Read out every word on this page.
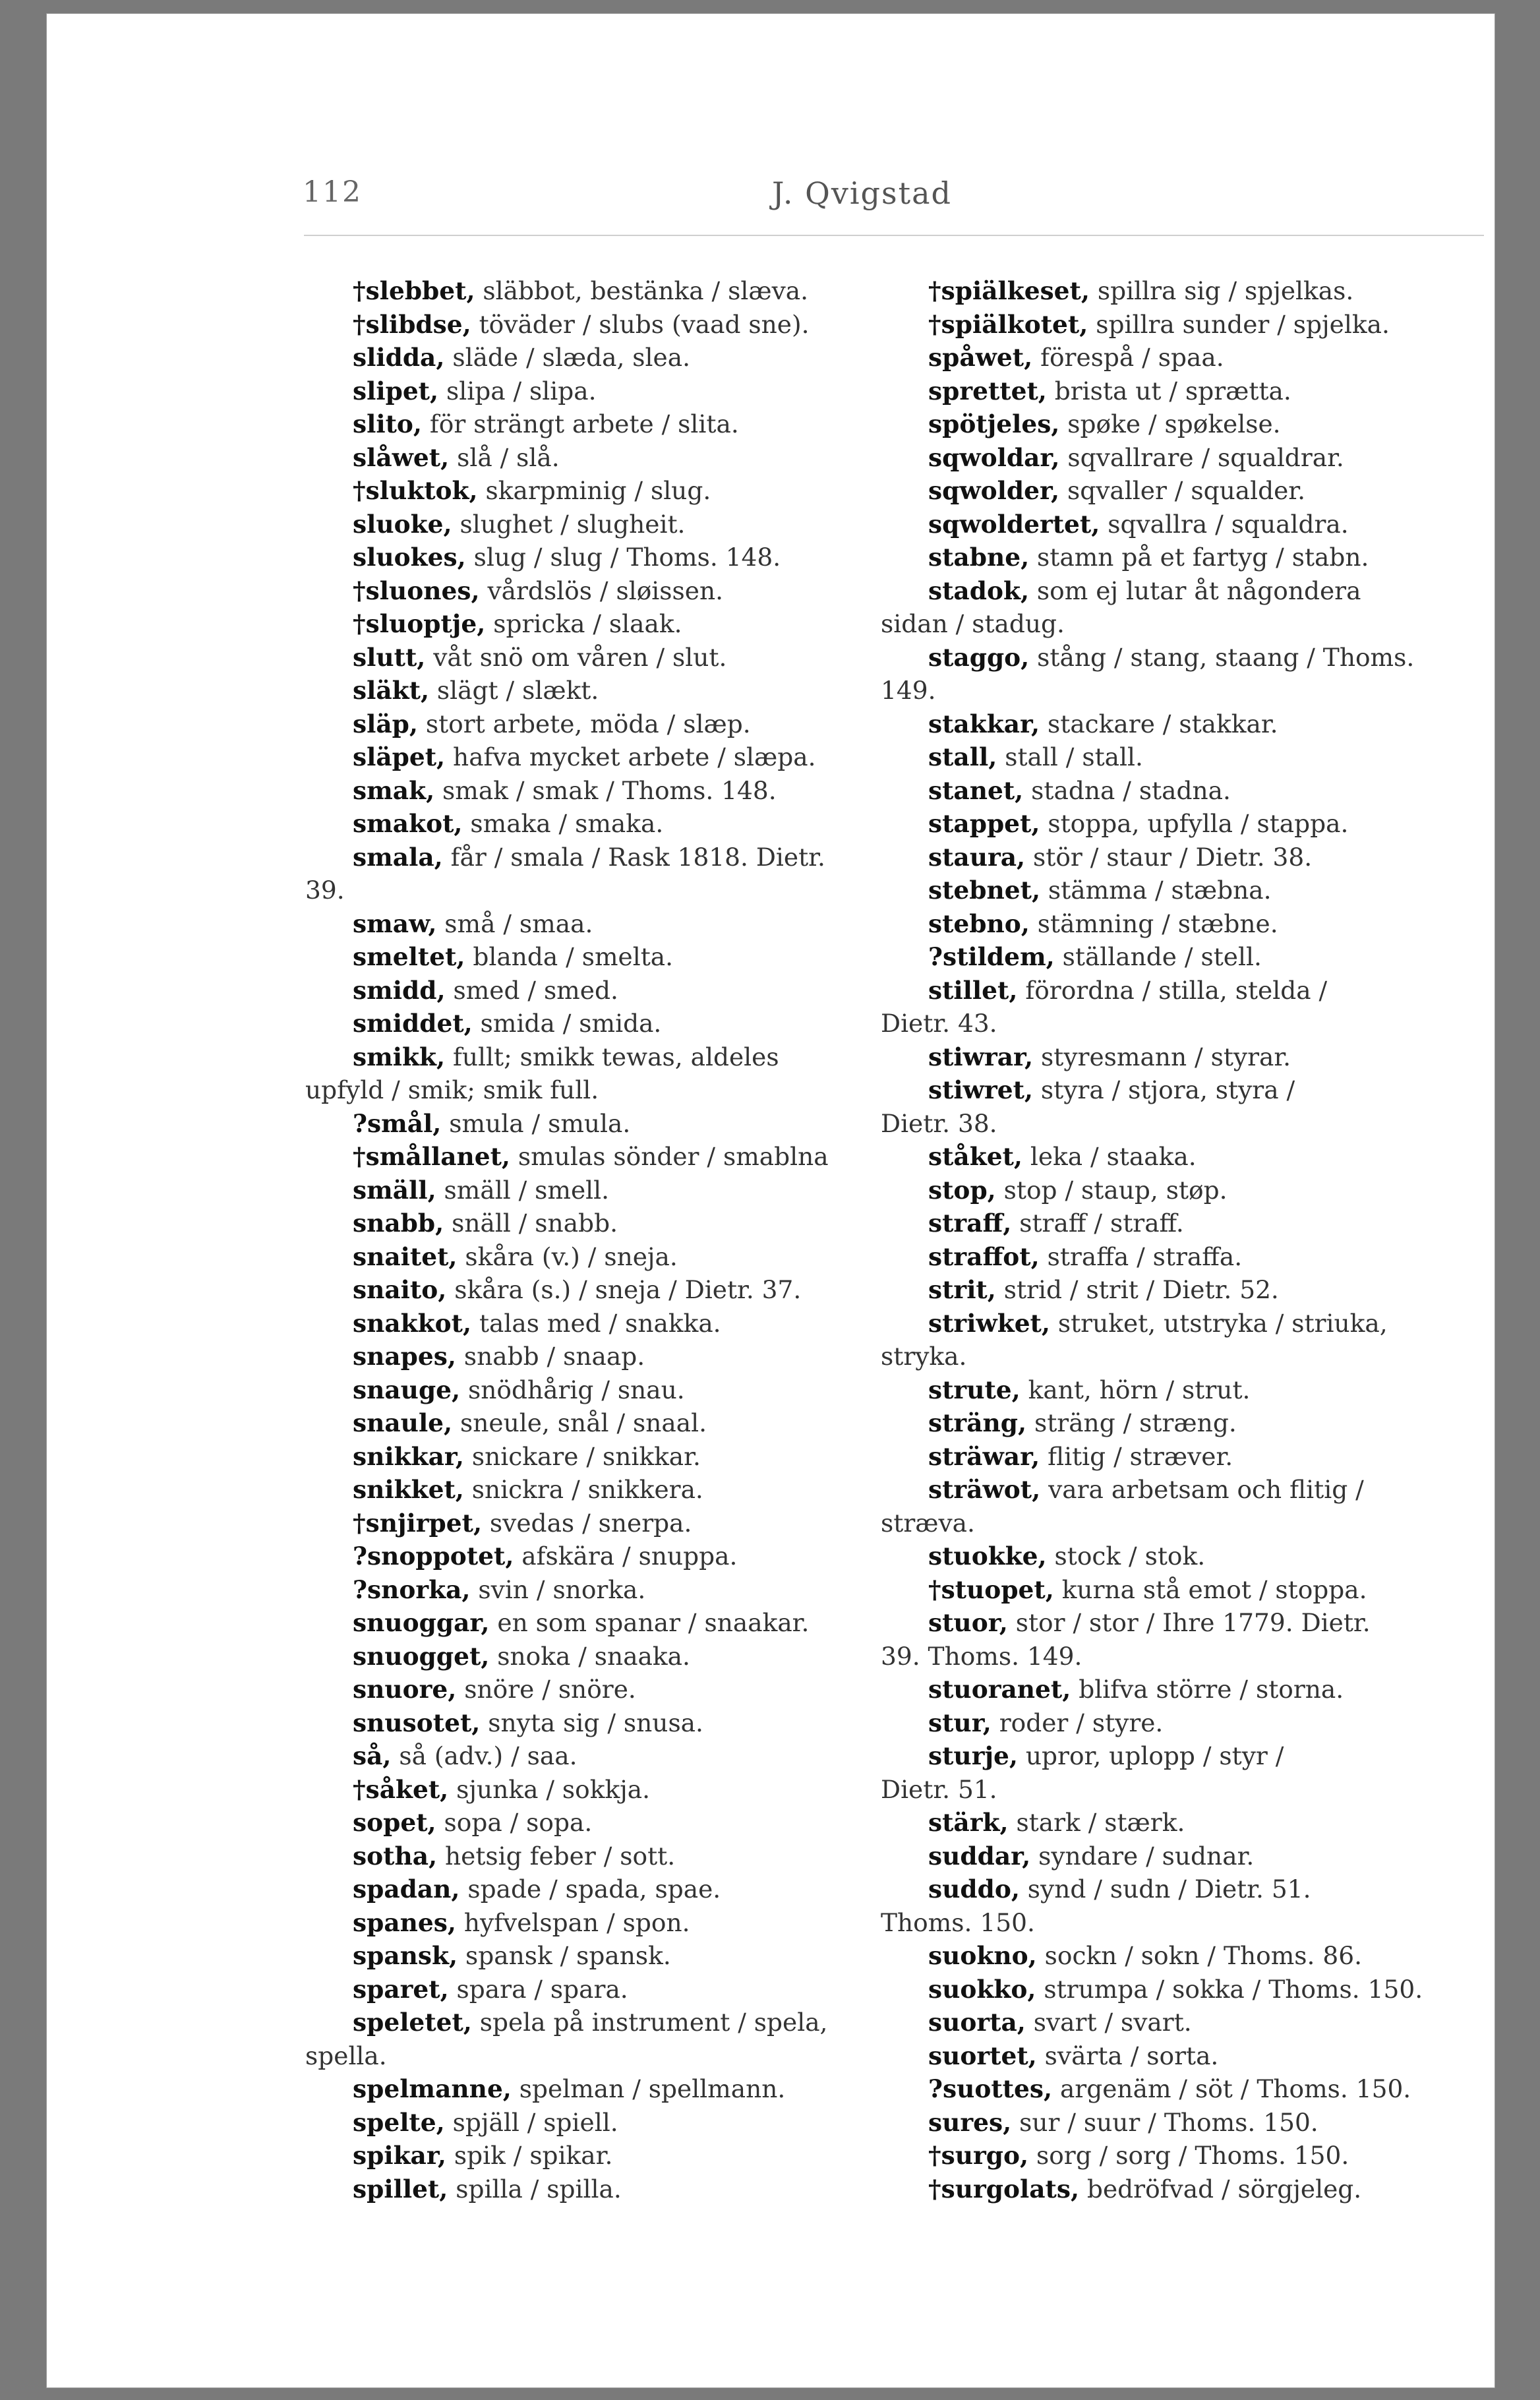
112	J. Qvigstad
†slebbet, släbbot, bestänka / slæva.
†slibdse, töväder / slubs (vaad sne).
slidda, släde / slæda, slea.
slipet, slipa / slipa.
slito, för strängt arbete / slita.
slåwet, slå / slå.
†sluktok, skarpminig / slug.
sluoke, slughet / slugheit.
sluokes, slug / slug / Thoms. 148.
†sluones, vårdslös / sløissen.
†sluoptje, spricka / slaak.
slutt, våt snö om våren / slut.
släkt, slägt / slækt.
släp, stort arbete, möda / slæp.
släpet, hafva mycket arbete / slæpa.
smak, smak / smak / Thoms. 148.
smakot, smaka / smaka.
smala, får / smala / Rask 1818. Dietr.
39.
smaw, små / smaa.
smeltet, blanda / smelta.
smidd, smed / smed.
smiddet, smida / smida.
smikk, fullt; smikk tewas, aldeles
upfyld / smik; smik full.
?smål, smula / smula.
†smållanet, smulas sönder / smablna
smäll, smäll / smell.
snabb, snäll / snabb.
snaitet, skåra (v.) / sneja.
snaito, skåra (s.) / sneja / Dietr. 37.
snakkot, talas med / snakka.
snapes, snabb / snaap.
snauge, snödhårig / snau.
snaule, sneule, snål / snaal.
snikkar, snickare / snikkar.
snikket, snickra / snikkera.
†snjirpet, svedas / snerpa.
?snoppotet, afskära / snuppa.
?snorka, svin / snorka.
snuoggar, en som spanar / snaakar.
snuogget, snoka / snaaka.
snuore, snöre / snöre.
snusotet, snyta sig / snusa.
så, så (adv.) / saa.
†såket, sjunka / sokkja.
sopet, sopa / sopa.
sotha, hetsig feber / sott.
spadan, spade / spada, spae.
spanes, hyfvelspan / spon.
spansk, spansk / spansk.
sparet, spara / spara.
speletet, spela på instrument / spela,
spella.
spelmanne, spelman / spellmann.
spelte, spjäll / spiell.
spikar, spik / spikar.
spillet, spilla / spilla.
†spiälkeset, spillra sig / spjelkas.
†spiälkotet, spillra sunder / spjelka.
spåwet, förespå / spaa.
sprettet, brista ut / sprætta.
spötjeles, spøke / spøkelse.
sqwoldar, sqvallrare / squaldrar.
sqwolder, sqvaller / squalder.
sqwoldertet, sqvallra / squaldra.
stabne, stamn på et fartyg / stabn.
stadok, som ej lutar åt någondera
sidan / stadug.
staggo, stång / stang, staang / Thoms.
149.
stakkar, stackare / stakkar.
stall, stall / stall.
stanet, stadna / stadna.
stappet, stoppa, upfylla / stappa.
staura, stör / staur / Dietr. 38.
stebnet, stämma / stæbna.
stebno, stämning / stæbne.
?stildem, ställande / stell.
stillet, förordna / stilla, stelda /
Dietr. 43.
stiwrar, styresmann / styrar.
stiwret, styra / stjora, styra /
Dietr. 38.
ståket, leka / staaka.
stop, stop / staup, støp.
straff, straff / straff.
straffot, straffa / straffa.
strit, strid / strit / Dietr. 52.
striwket, struket, utstryka / striuka,
stryka.
strute, kant, hörn / strut.
sträng, sträng / stræng.
sträwar, flitig / stræver.
sträwot, vara arbetsam och flitig /
stræva.
stuokke, stock / stok.
†stuopet, kurna stå emot / stoppa.
stuor, stor / stor / Ihre 1779. Dietr.
39. Thoms. 149.
stuoranet, blifva större / storna.
stur, roder / styre.
sturje, upror, uplopp / styr /
Dietr. 51.
stärk, stark / stærk.
suddar, syndare / sudnar.
suddo, synd / sudn / Dietr. 51.
Thoms. 150.
suokno, sockn / sokn / Thoms. 86.
suokko, strumpa / sokka / Thoms. 150.
suorta, svart / svart.
suortet, svärta / sorta.
?suottes, argenäm / söt / Thoms. 150.
sures, sur / suur / Thoms. 150.
†surgo, sorg / sorg / Thoms. 150.
†surgolats, bedröfvad / sörgjeleg.
